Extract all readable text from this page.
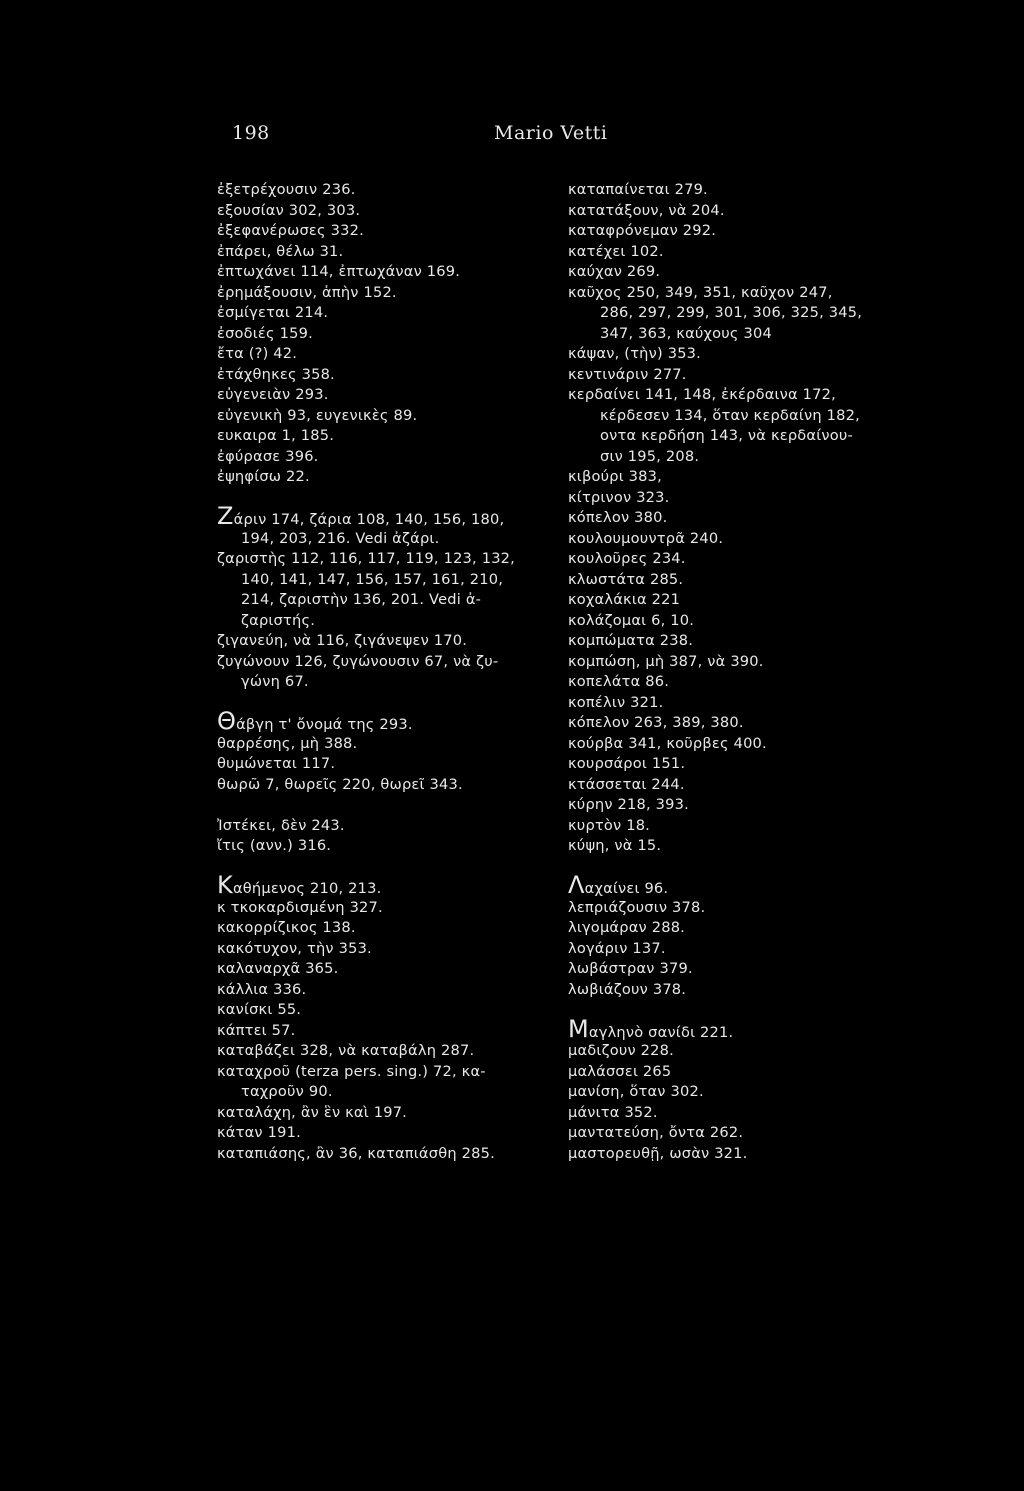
198	Mario Vetti
ἐξετρέχουσιν 236.
εξουσίαν 302, 303.
ἐξεφανέρωσες 332.
ἐπάρει, θέλω 31.
ἐπτωχάνει 114, ἐπτωχάναν 169.
ἐρημάξουσιν, ἀπὴν 152.
ἐσμίγεται 214.
ἐσοδιές 159.
ἔτα (?) 42.
ἐτάχθηκες 358.
εὐγενειὰν 293.
εὐγενικὴ 93, ευγενικὲς 89.
ευκαιρα 1, 185.
ἐφύρασε 396.
ἐψηφίσω 22.
Ζάριν 174, ζάρια 108, 140, 156, 180,
194, 203, 216. Vedi ἀζάρι.
ζαριστὴς 112, 116, 117, 119, 123, 132,
140, 141, 147, 156, 157, 161, 210,
214, ζαριστὴν 136, 201. Vedi ἀ-
ζαριστής.
ζιγανεύη, νὰ 116, ζιγάνεψεν 170.
ζυγώνουν 126, ζυγώνουσιν 67, νὰ ζυ-
γώνη 67.
Θάβγη τ' ὄνομά της 293.
θαρρέσης, μὴ 388.
θυμώνεται 117.
θωρῶ 7, θωρεῖς 220, θωρεῖ 343.
Ἰστέκει, δὲν 243.
ἴτις (ανν.) 316.
Καθήμενος 210, 213.
κ τκοκαρδισμένη 327.
κακορρίζικος 138.
κακότυχον, τὴν 353.
καλαναρχᾶ 365.
κάλλια 336.
κανίσκι 55.
κάπτει 57.
καταβάζει 328, νὰ καταβάλη 287.
καταχροῦ (terza pers. sing.) 72, κα-
ταχροῦν 90.
καταλάχη, ἂν ἓν καὶ 197.
κάταν 191.
καταπιάσης, ἂν 36, καταπιάσθη 285.
καταπαίνεται 279.
κατατάξουν, νὰ 204.
καταφρόνεμαν 292.
κατέχει 102.
καύχαν 269.
καῦχος 250, 349, 351, καῦχον 247,
286, 297, 299, 301, 306, 325, 345,
347, 363, καύχους 304
κάψαν, (τὴν) 353.
κεντινάριν 277.
κερδαίνει 141, 148, ἐκέρδαινα 172,
κέρδεσεν 134, ὅταν κερδαίνη 182,
οντα κερδήση 143, νὰ κερδαίνου-
σιν 195, 208.
κιβούρι 383,
κίτρινον 323.
κόπελον 380.
κουλουμουντρᾶ 240.
κουλοῦρες 234.
κλωστάτα 285.
κοχαλάκια 221
κολάζομαι 6, 10.
κομπώματα 238.
κομπώση, μὴ 387, νὰ 390.
κοπελάτα 86.
κοπέλιν 321.
κόπελον 263, 389, 380.
κούρβα 341, κοῦρβες 400.
κουρσάροι 151.
κτάσσεται 244.
κύρην 218, 393.
κυρτὸν 18.
κύψη, νὰ 15.
Λαχαίνει 96.
λεπριάζουσιν 378.
λιγομάραν 288.
λογάριν 137.
λωβάστραν 379.
λωβιάζουν 378.
Μαγληνὸ σανίδι 221.
μαδιζουν 228.
μαλάσσει 265
μανίση, ὅταν 302.
μάνιτα 352.
μαντατεύση, ὄντα 262.
μαστορευθῇ, ωσὰν 321.
